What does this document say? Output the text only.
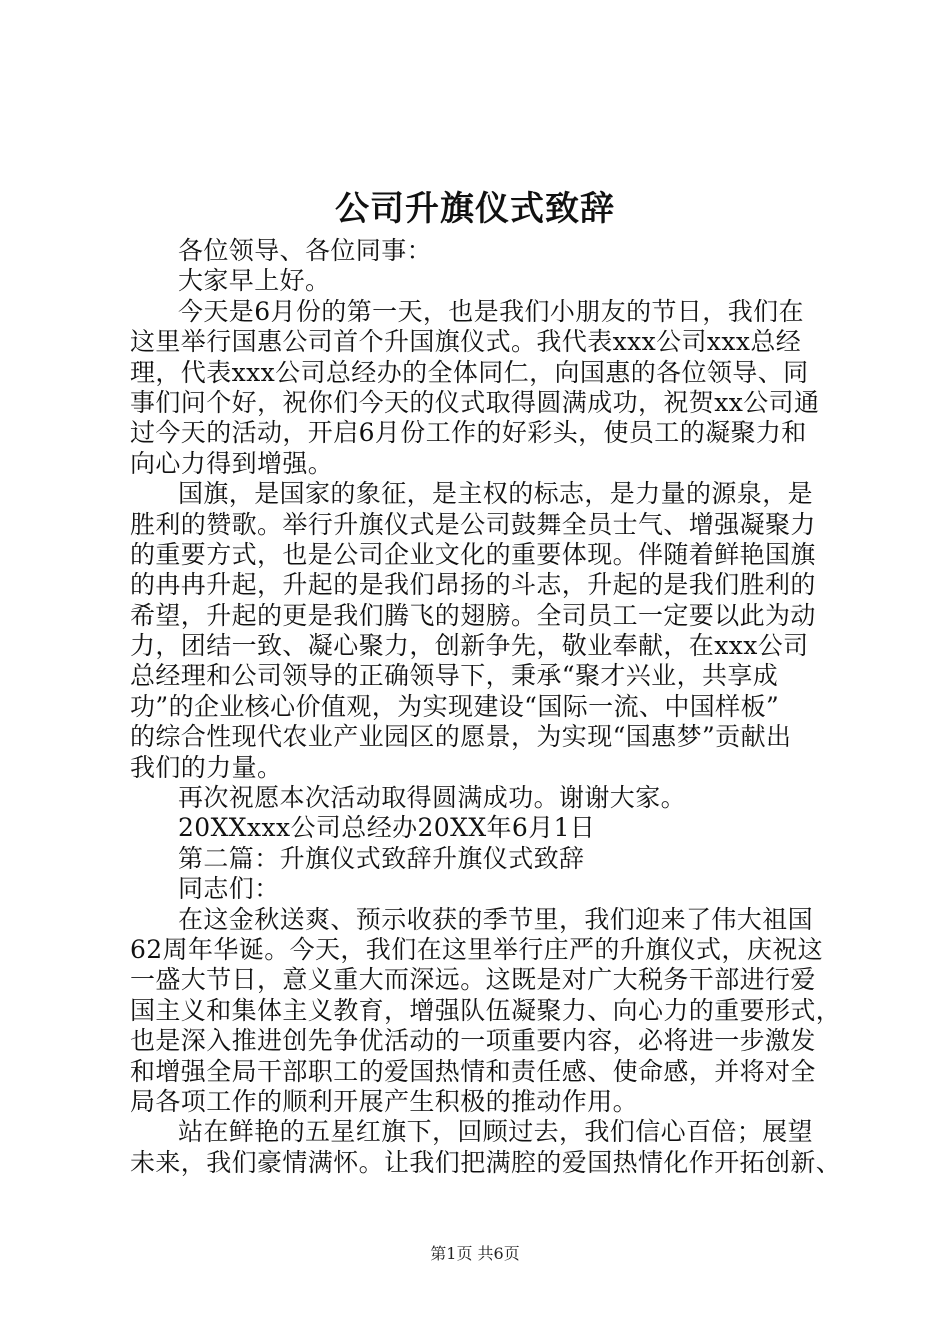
公司升旗仪式致辞
各位领导、各位同事：
大家早上好。
今天是6月份的第一天，也是我们小朋友的节日，我们在
这里举行国惠公司首个升国旗仪式。我代表xxx公司xxx总经
理，代表xxx公司总经办的全体同仁，向国惠的各位领导、同
事们问个好，祝你们今天的仪式取得圆满成功，祝贺xx公司通
过今天的活动，开启6月份工作的好彩头，使员工的凝聚力和
向心力得到增强。
国旗，是国家的象征，是主权的标志，是力量的源泉，是
胜利的赞歌。举行升旗仪式是公司鼓舞全员士气、增强凝聚力
的重要方式，也是公司企业文化的重要体现。伴随着鲜艳国旗
的冉冉升起，升起的是我们昂扬的斗志，升起的是我们胜利的
希望，升起的更是我们腾飞的翅膀。全司员工一定要以此为动
力，团结一致、凝心聚力，创新争先，敬业奉献，在xxx公司
总经理和公司领导的正确领导下，秉承“聚才兴业，共享成
功”的企业核心价值观，为实现建设“国际一流、中国样板”
的综合性现代农业产业园区的愿景，为实现“国惠梦”贡献出
我们的力量。
再次祝愿本次活动取得圆满成功。谢谢大家。
20XXxxx公司总经办20XX年6月1日
第二篇：升旗仪式致辞升旗仪式致辞
同志们：
在这金秋送爽、预示收获的季节里，我们迎来了伟大祖国
62周年华诞。今天，我们在这里举行庄严的升旗仪式，庆祝这
一盛大节日，意义重大而深远。这既是对广大税务干部进行爱
国主义和集体主义教育，增强队伍凝聚力、向心力的重要形式，
也是深入推进创先争优活动的一项重要内容，必将进一步激发
和增强全局干部职工的爱国热情和责任感、使命感，并将对全
局各项工作的顺利开展产生积极的推动作用。
站在鲜艳的五星红旗下，回顾过去，我们信心百倍；展望
未来，我们豪情满怀。让我们把满腔的爱国热情化作开拓创新、
第1页 共6页
